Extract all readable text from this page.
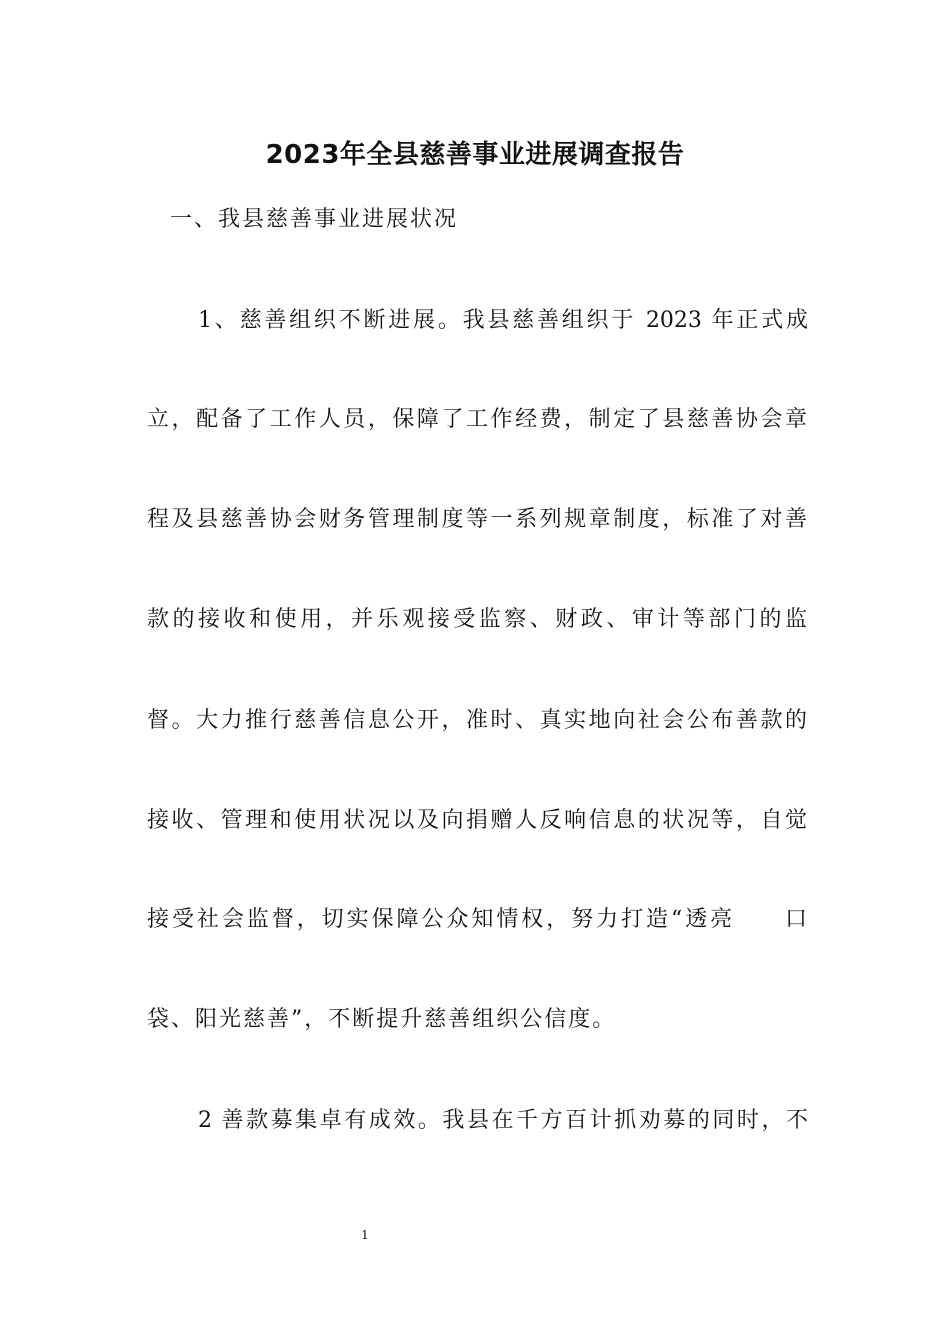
2023年全县慈善事业进展调查报告

一、我县慈善事业进展状况

1、慈善组织不断进展。我县慈善组织于 2023 年正式成

立，配备了工作人员，保障了工作经费，制定了县慈善协会章

程及县慈善协会财务管理制度等一系列规章制度，标准了对善

款的接收和使用，并乐观接受监察、财政、审计等部门的监

督。大力推行慈善信息公开，准时、真实地向社会公布善款的

接收、管理和使用状况以及向捐赠人反响信息的状况等，自觉

接受社会监督，切实保障公众知情权，努力打造“透亮　　口

袋、阳光慈善”，不断提升慈善组织公信度。

2 善款募集卓有成效。我县在千方百计抓劝募的同时，不

1
